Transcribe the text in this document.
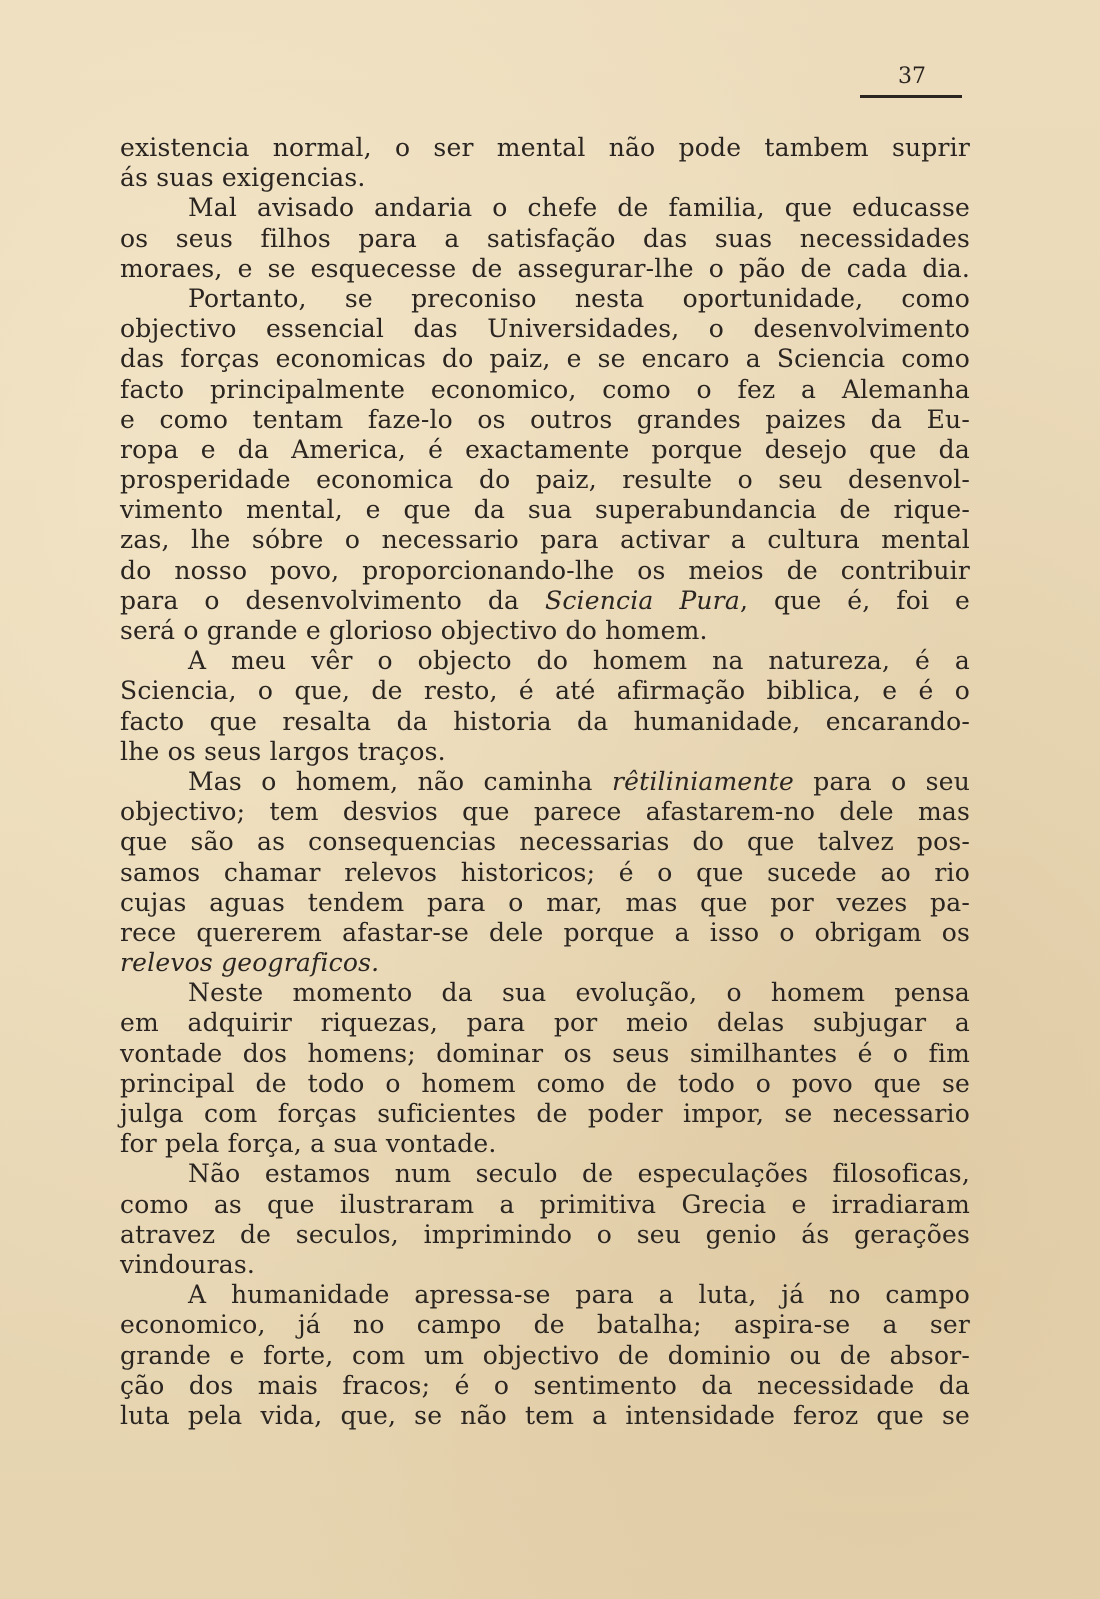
37
existencia normal, o ser mental não pode tambem suprir
ás suas exigencias.
Mal avisado andaria o chefe de familia, que educasse
os seus filhos para a satisfação das suas necessidades
moraes, e se esquecesse de assegurar-lhe o pão de cada dia.
Portanto, se preconiso nesta oportunidade, como
objectivo essencial das Universidades, o desenvolvimento
das forças economicas do paiz, e se encaro a Sciencia como
facto principalmente economico, como o fez a Alemanha
e como tentam faze-lo os outros grandes paizes da Eu-
ropa e da America, é exactamente porque desejo que da
prosperidade economica do paiz, resulte o seu desenvol-
vimento mental, e que da sua superabundancia de rique-
zas, lhe sóbre o necessario para activar a cultura mental
do nosso povo, proporcionando-lhe os meios de contribuir
para o desenvolvimento da Sciencia Pura, que é, foi e
será o grande e glorioso objectivo do homem.
A meu vêr o objecto do homem na natureza, é a
Sciencia, o que, de resto, é até afirmação biblica, e é o
facto que resalta da historia da humanidade, encarando-
lhe os seus largos traços.
Mas o homem, não caminha rêtiliniamente para o seu
objectivo; tem desvios que parece afastarem-no dele mas
que são as consequencias necessarias do que talvez pos-
samos chamar relevos historicos; é o que sucede ao rio
cujas aguas tendem para o mar, mas que por vezes pa-
rece quererem afastar-se dele porque a isso o obrigam os
relevos geograficos.
Neste momento da sua evolução, o homem pensa
em adquirir riquezas, para por meio delas subjugar a
vontade dos homens; dominar os seus similhantes é o fim
principal de todo o homem como de todo o povo que se
julga com forças suficientes de poder impor, se necessario
for pela força, a sua vontade.
Não estamos num seculo de especulações filosoficas,
como as que ilustraram a primitiva Grecia e irradiaram
atravez de seculos, imprimindo o seu genio ás gerações
vindouras.
A humanidade apressa-se para a luta, já no campo
economico, já no campo de batalha; aspira-se a ser
grande e forte, com um objectivo de dominio ou de absor-
ção dos mais fracos; é o sentimento da necessidade da
luta pela vida, que, se não tem a intensidade feroz que se
